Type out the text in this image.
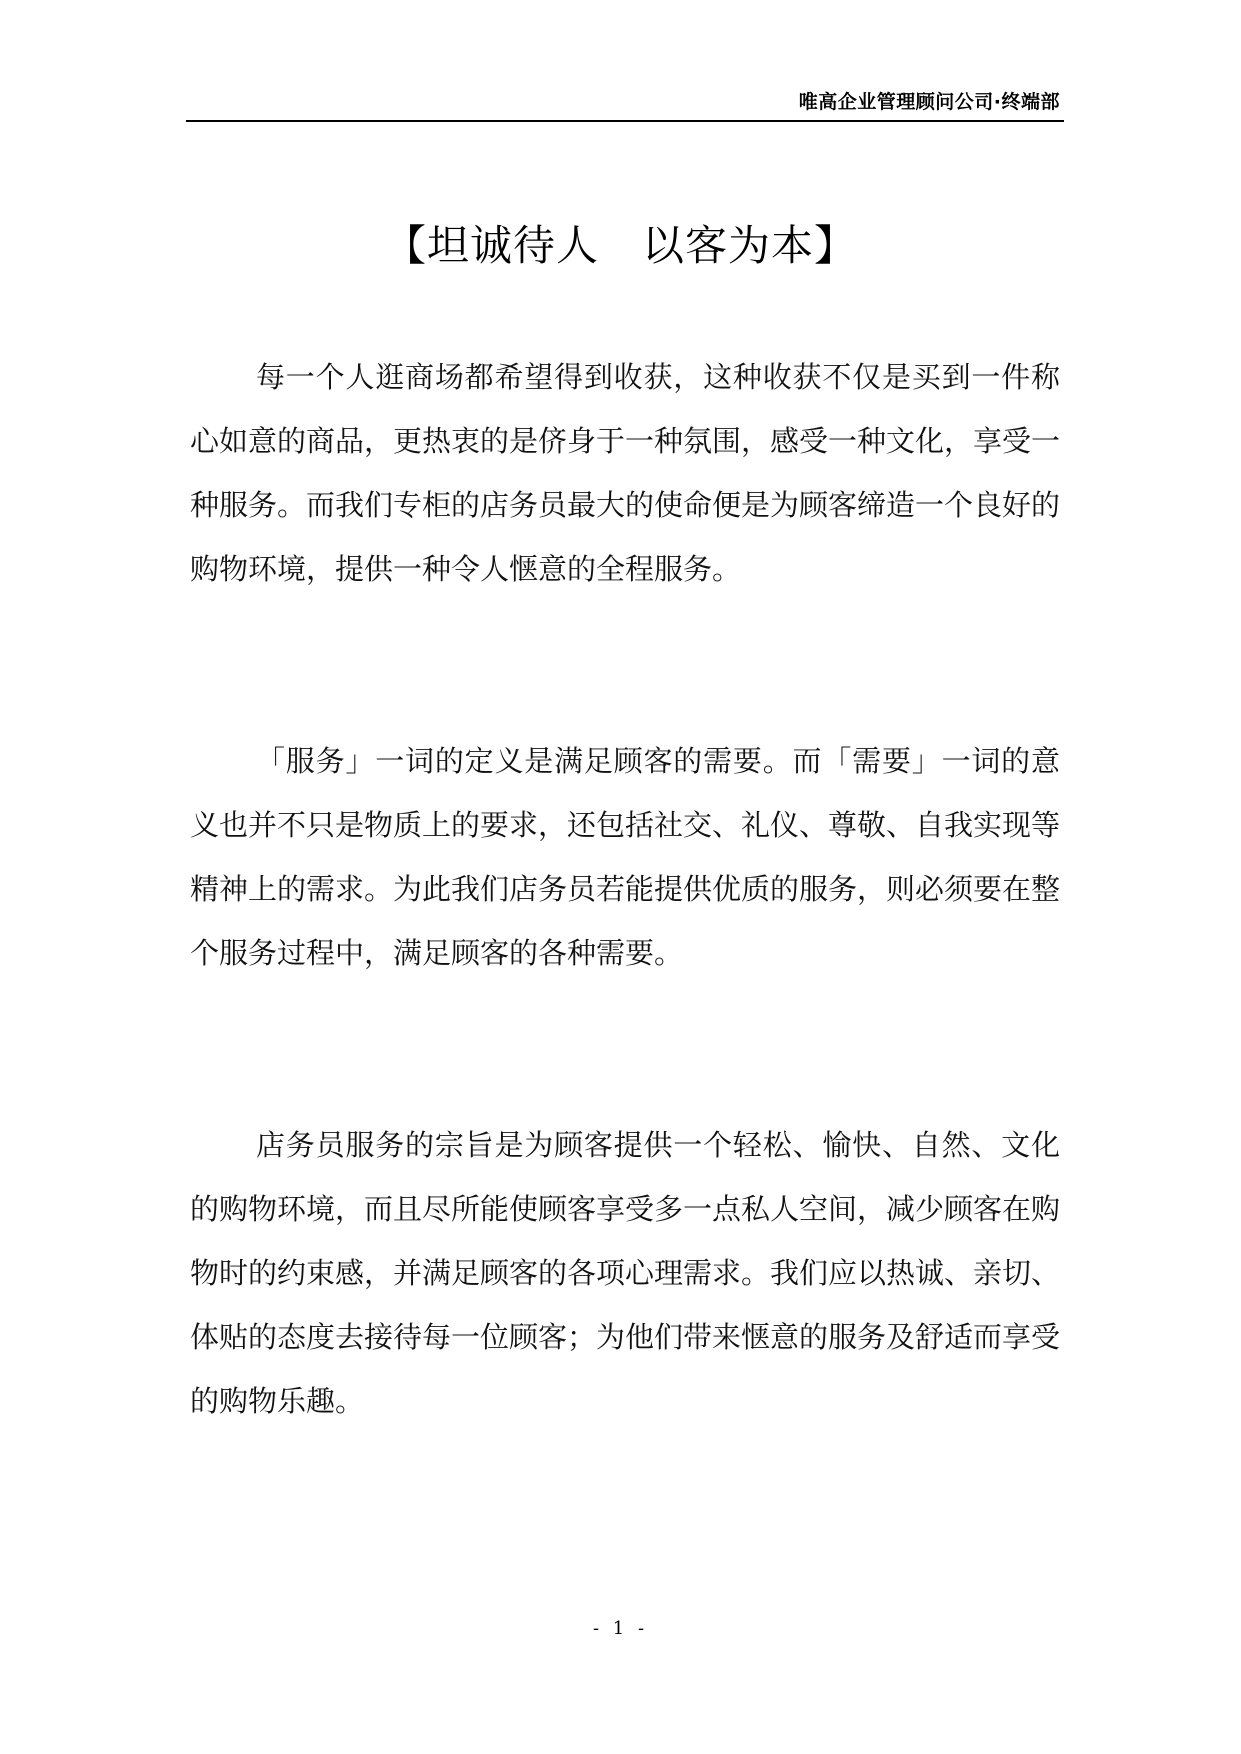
唯高企业管理顾问公司·终端部
【坦诚待人　以客为本】

每一个人逛商场都希望得到收获，这种收获不仅是买到一件称心如意的商品，更热衷的是侪身于一种氛围，感受一种文化，享受一种服务。而我们专柜的店务员最大的使命便是为顾客缔造一个良好的购物环境，提供一种令人惬意的全程服务。

「服务」一词的定义是满足顾客的需要。而「需要」一词的意义也并不只是物质上的要求，还包括社交、礼仪、尊敬、自我实现等精神上的需求。为此我们店务员若能提供优质的服务，则必须要在整个服务过程中，满足顾客的各种需要。

店务员服务的宗旨是为顾客提供一个轻松、愉快、自然、文化的购物环境，而且尽所能使顾客享受多一点私人空间，减少顾客在购物时的约束感，并满足顾客的各项心理需求。我们应以热诚、亲切、体贴的态度去接待每一位顾客；为他们带来惬意的服务及舒适而享受的购物乐趣。

- 1 -
